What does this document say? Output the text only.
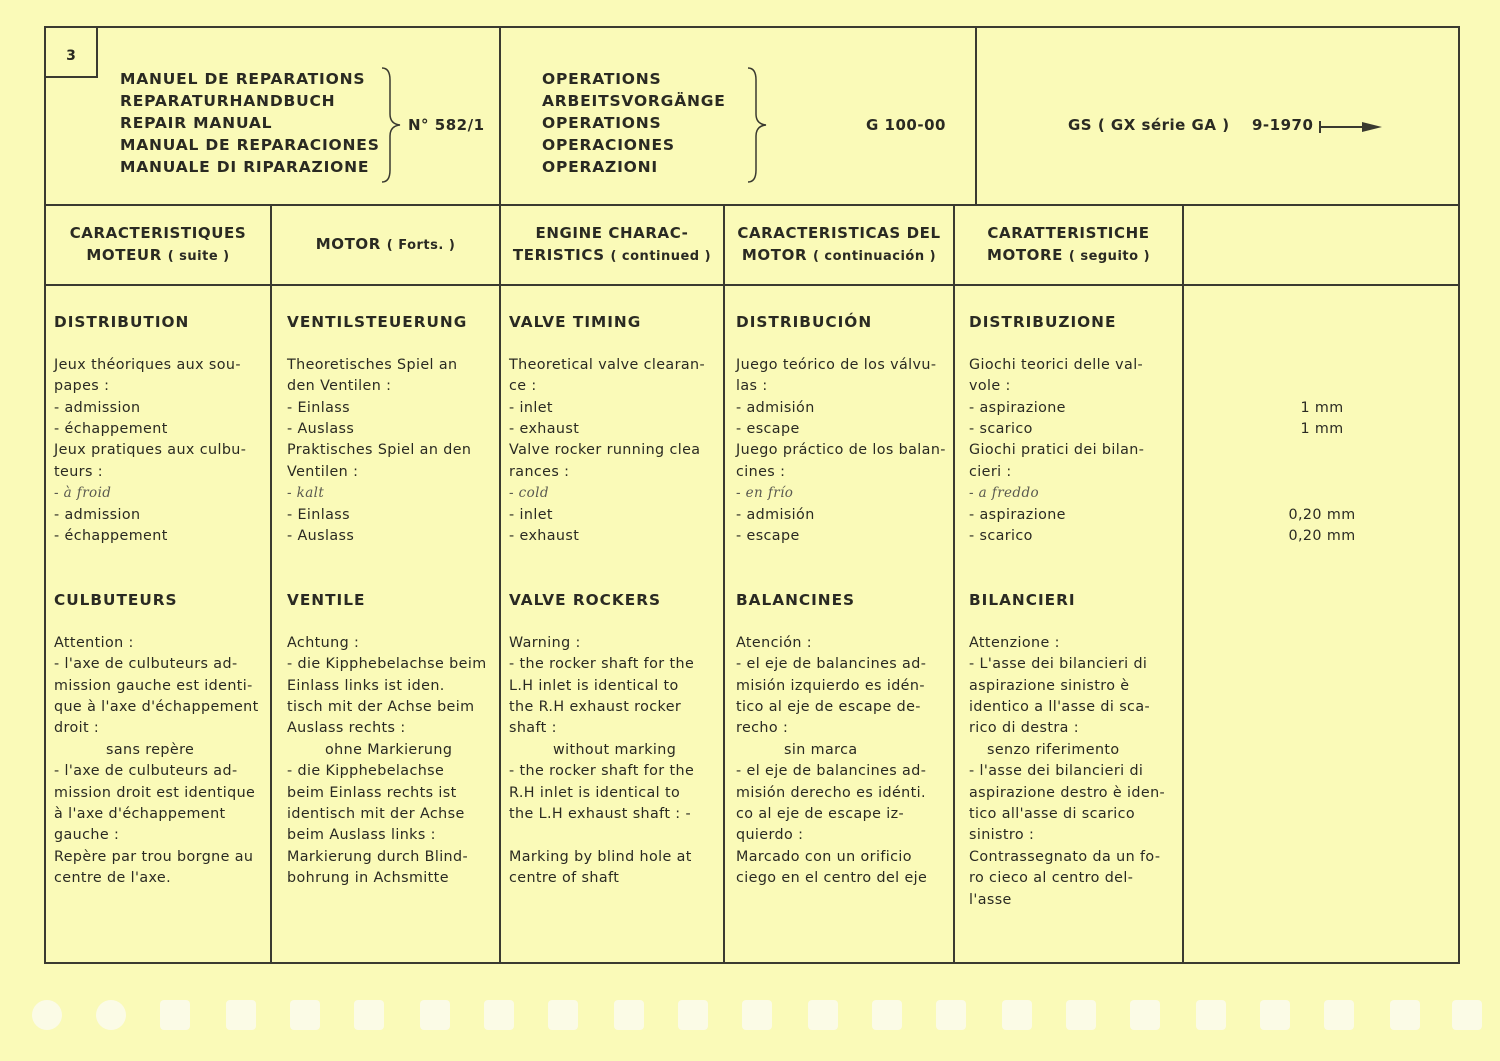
3
MANUEL DE REPARATIONS
REPARATURHANDBUCH
REPAIR MANUAL
MANUAL DE REPARACIONES
MANUALE DI RIPARAZIONE
N° 582/1
OPERATIONS
ARBEITSVORGÄNGE
OPERATIONS
OPERACIONES
OPERAZIONI
G 100-00	GS ( GX série GA ) 9-1970
CARACTERISTIQUES
MOTEUR ( suite )
MOTOR ( Forts. )
ENGINE CHARAC-
TERISTICS ( continued )
CARACTERISTICAS DEL
MOTOR ( continuación )
CARATTERISTICHE
MOTORE ( seguito )
DISTRIBUTION
Jeux théoriques aux sou-
papes :
- admission
- échappement
Jeux pratiques aux culbu-
teurs :
- à froid
- admission
- échappement
CULBUTEURS
Attention :
- l'axe de culbuteurs ad-
mission gauche est identi-
que à l'axe d'échappement
droit :
sans repère
- l'axe de culbuteurs ad-
mission droit est identique
à l'axe d'échappement
gauche :
Repère par trou borgne au
centre de l'axe.
VENTILSTEUERUNG
Theoretisches Spiel an
den Ventilen :
- Einlass
- Auslass
Praktisches Spiel an den
Ventilen :
- kalt
- Einlass
- Auslass
VENTILE
Achtung :
- die Kipphebelachse beim
Einlass links ist iden.
tisch mit der Achse beim
Auslass rechts :
ohne Markierung
- die Kipphebelachse
beim Einlass rechts ist
identisch mit der Achse
beim Auslass links :
Markierung durch Blind-
bohrung in Achsmitte
VALVE TIMING
Theoretical valve clearan-
ce :
- inlet
- exhaust
Valve rocker running clea
rances :
- cold
- inlet
- exhaust
VALVE ROCKERS
Warning :
- the rocker shaft for the
L.H inlet is identical to
the R.H exhaust rocker
shaft :
without marking
- the rocker shaft for the
R.H inlet is identical to
the L.H exhaust shaft : -
Marking by blind hole at
centre of shaft
DISTRIBUCIÓN
Juego teórico de los válvu-
las :
- admisión
- escape
Juego práctico de los balan-
cines :
- en frío
- admisión
- escape
BALANCINES
Atención :
- el eje de balancines ad-
misión izquierdo es idén-
tico al eje de escape de-
recho :
sin marca
- el eje de balancines ad-
misión derecho es idénti.
co al eje de escape iz-
quierdo :
Marcado con un orificio
ciego en el centro del eje
DISTRIBUZIONE
Giochi teorici delle val-
vole :
- aspirazione
- scarico
Giochi pratici dei bilan-
cieri :
- a freddo
- aspirazione
- scarico
BILANCIERI
Attenzione :
- L'asse dei bilancieri di
aspirazione sinistro è
identico a ll'asse di sca-
rico di destra :
senzo riferimento
- l'asse dei bilancieri di
aspirazione destro è iden-
tico all'asse di scarico
sinistro :
Contrassegnato da un fo-
ro cieco al centro del-
l'asse
1 mm
1 mm
0,20 mm
0,20 mm
